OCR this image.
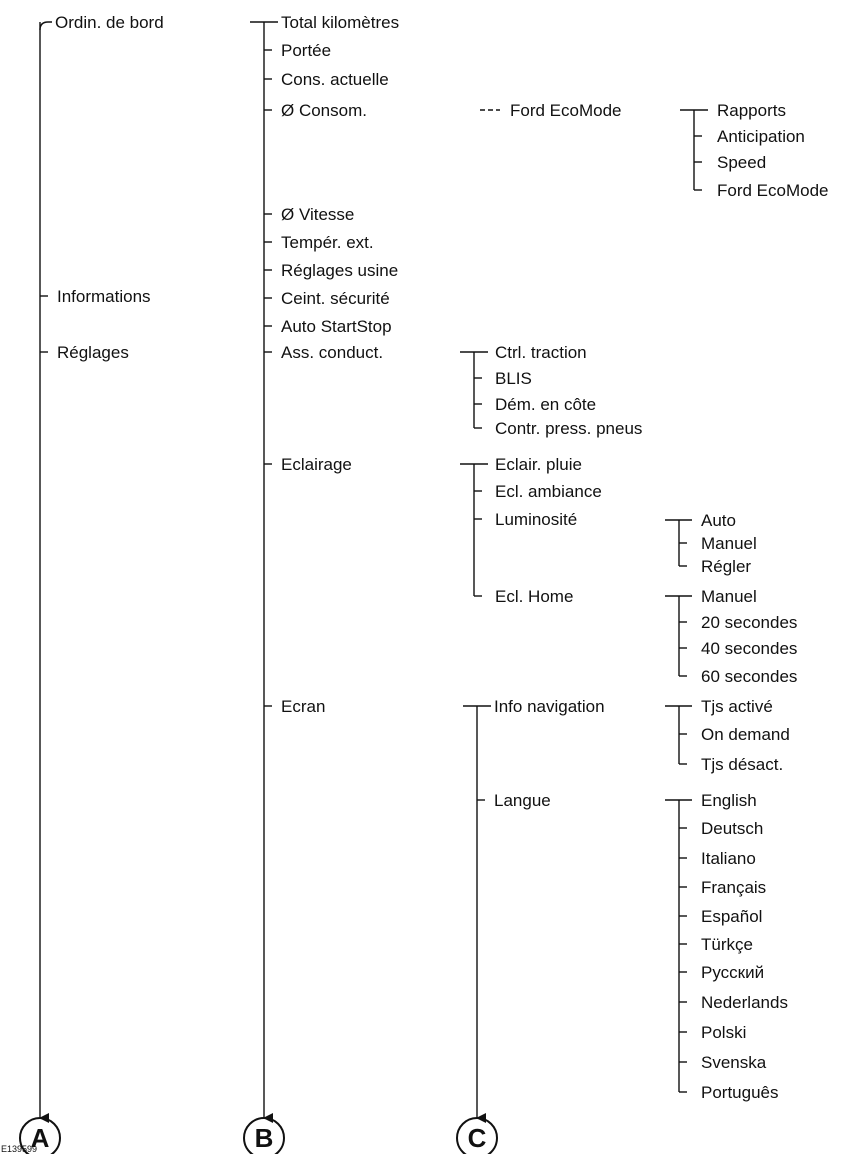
Ordin. de bord
Informations
Réglages
Total kilomètres
Portée
Cons. actuelle
Ø Consom.
Ø Vitesse
Tempér. ext.
Réglages usine
Ceint. sécurité
Auto StartStop
Ass. conduct.
Eclairage
Ecran
Ford EcoMode	Rapports
Anticipation
Speed
Ford EcoMode
Ctrl. traction
BLIS
Dém. en côte
Contr. press. pneus
Eclair. pluie
Ecl. ambiance
Luminosité
Ecl. Home
Auto
Manuel
Régler
Manuel
20 secondes
40 secondes
60 secondes
Info navigation
Langue
Tjs activé
On demand
Tjs désact.
English
Deutsch
Italiano
Français
Español
Türkçe
Русский
Nederlands
Polski
Svenska
Português
A	B	C
E139599
